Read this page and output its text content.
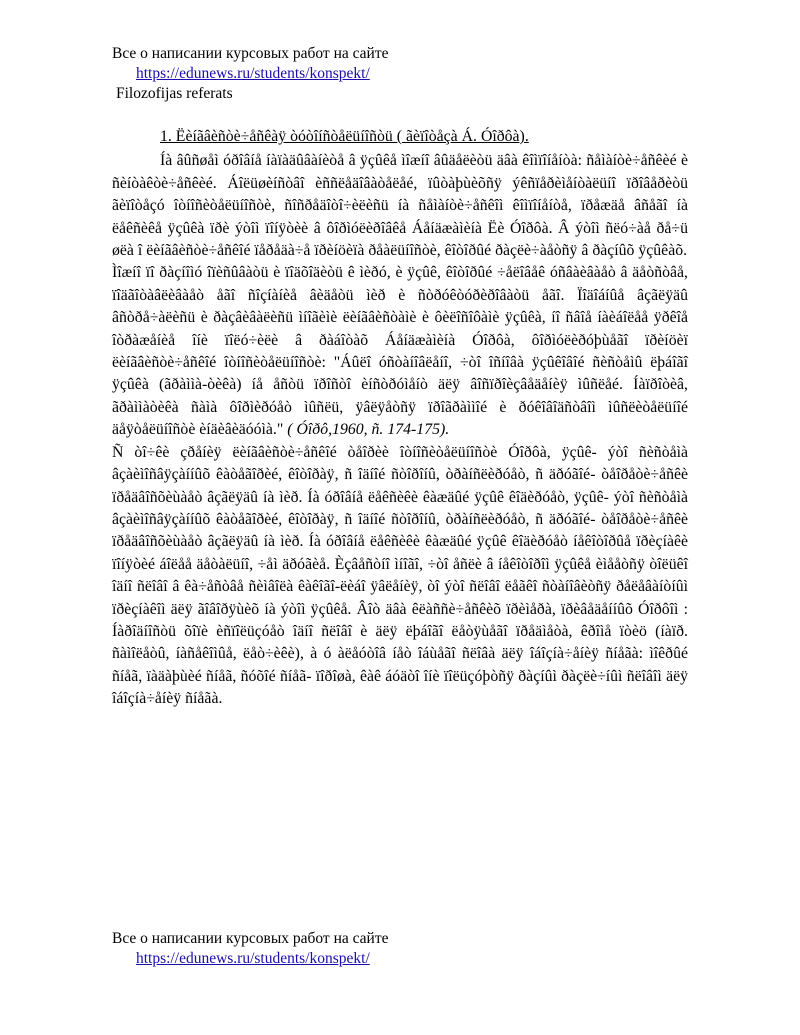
Все о написании курсовых работ на сайте
https://edunews.ru/students/konspekt/
Filozofijas referats

1. Ëèíãâèñòè÷åñêàÿ òóòîíñòåëüíîñòü ( ãèïîòåçà Á. Óîðôà).

Íà âûñøåì óðîâíå íàïàäûâàíèòå â ÿçûêå ìîæíî âûäåëèòü äâà êîìïîíåíòà: ñåìàíòè÷åñêèé è ñèíòàêòè÷åñêèé. Áîëüøèíñòâî èññëåäîâàòåëåé, ïûòàþùèõñÿ ýêñïåðèìåíòàëüíî ïðîâåðèòü ãèïîòåçó îòíîñèòåëüíîñòè, ñîñðåäîòî÷èëèñü íà ñåìàíòè÷åñêîì êîìïîíåíòå, ïðåæäå âñåãî íà ëåêñèêå ÿçûêà ïðè ýòîì ïîíÿòèè â ôîðìóëèðîâêå Áåíäæàìèíà Ëè Óîðôà. Â ýòîì ñëó÷àå ðå÷ü øëà î ëèíãâèñòè÷åñêîé ïåðåäà÷å ïðèíöèïà ðåàëüíîñòè, êîòîðûé ðàçëè÷àåòñÿ â ðàçíûõ ÿçûêàõ.

Ìîæíî ïî ðàçíîìó îïèñûâàòü è ïîäõîäèòü ê ìèðó, è ÿçûê, êîòîðûé ÷åëîâåê óñâàèâàåò â äåòñòâå, ïîäãîòàâëèâàåò åãî ñîçíàíèå âèäåòü ìèð è ñòðóêòóðèðîâàòü åãî. Ïîäîáíûå âçãëÿäû âñòðå÷àëèñü è ðàçâèâàëèñü ìíîãèìè ëèíãâèñòàìè è ôèëîñîôàìè ÿçûêà, íî ñâîå íàèáîëåå ÿðêîå îòðàæåíèå îíè ïîëó÷èëè â ðàáîòàõ Áåíäæàìèíà Óîðôà, ôîðìóëèðóþùåãî ïðèíöèï ëèíãâèñòè÷åñêîé îòíîñèòåëüíîñòè: "Áûëî óñòàíîâëåíî, ÷òî îñíîâà ÿçûêîâîé ñèñòåìû ëþáîãî ÿçûêà (ãðàììà-òèêà) íå åñòü ïðîñòî èíñòðóìåíò äëÿ âîñïðîèçâåäåíèÿ ìûñëåé. Íàïðîòèâ, ãðàììàòèêà ñàìà ôîðìèðóåò ìûñëü, ÿâëÿåòñÿ ïðîãðàììîé è ðóêîâîäñòâîì ìûñëèòåëüíîé äåÿòåëüíîñòè èíäèâèäóóìà." ( Óîðô,1960, ñ. 174-175).

Ñ òî÷êè çðåíèÿ ëèíãâèñòè÷åñêîé òåîðèè îòíîñèòåëüíîñòè Óîðôà, ÿçûê- ýòî ñèñòåìà âçàèìîñâÿçàííûõ êàòåãîðèé, êîòîðàÿ, ñ îäíîé ñòîðîíû, òðàíñëèðóåò, ñ äðóãîé- òåîðåòè÷åñêè ïðåäâîñõèùàåò âçãëÿäû íà ìèð. Íà óðîâíå ëåêñèêè êàæäûé ÿçûê êîäèðóåò, ÿçûê- ýòî ñèñòåìà âçàèìîñâÿçàííûõ êàòåãîðèé, êîòîðàÿ, ñ îäíîé ñòîðîíû, òðàíñëèðóåò, ñ äðóãîé- òåîðåòè÷åñêè ïðåäâîñõèùàåò âçãëÿäû íà ìèð. Íà óðîâíå ëåêñèêè êàæäûé ÿçûê êîäèðóåò íåêîòîðûå ïðèçíàêè ïîíÿòèé áîëåå äåòàëüíî, ÷åì äðóãèå. Èçâåñòíî ìíîãî, ÷òî åñëè â íåêîòîðîì ÿçûêå èìååòñÿ òîëüêî îäíî ñëîâî â êà÷åñòâå ñèìâîëà êàêîãî-ëèáî ÿâëåíèÿ, òî ýòî ñëîâî ëåãêî ñòàíîâèòñÿ ðåëåâàíòíûì ïðèçíàêîì äëÿ ãîâîðÿùèõ íà ýòîì ÿçûêå. Âîò äâà êëàññè÷åñêèõ ïðèìåðà, ïðèâåäåííûõ Óîðôîì : Íàðîäíîñòü õîïè èñïîëüçóåò îäíî ñëîâî è äëÿ ëþáîãî ëåòÿùåãî ïðåäìåòà, êðîìå ïòèö (íàïð. ñàìîëåòû, íàñåêîìûå, ëåò÷èêè), à ó àëåóòîâ íåò îáùåãî ñëîâà äëÿ îáîçíà÷åíèÿ ñíåãà: ìîêðûé ñíåã, ïàäàþùèé ñíåã, ñóõîé ñíåã- ïîðîøà, êàê áóäòî îíè ïîëüçóþòñÿ ðàçíûì ðàçëè÷íûì ñëîâîì äëÿ îáîçíà÷åíèÿ ñíåãà.

Все о написании курсовых работ на сайте
https://edunews.ru/students/konspekt/
